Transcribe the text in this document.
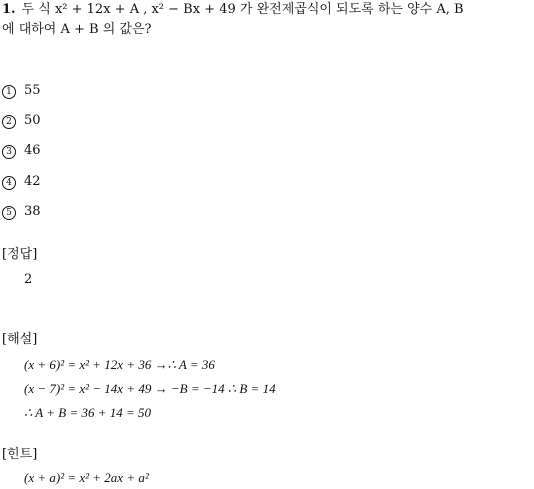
1. 두 식 x² + 12x + A , x² − Bx + 49 가 완전제곱식이 되도록 하는 양수 A, B
에 대하여 A + B 의 값은?
1 55
2 50
3 46
4 42
5 38
[정답]
2
[해설]
(x + 6)² = x² + 12x + 36 →∴ A = 36
(x − 7)² = x² − 14x + 49 → −B = −14 ∴ B = 14
∴ A + B = 36 + 14 = 50
[힌트]
(x + a)² = x² + 2ax + a²
